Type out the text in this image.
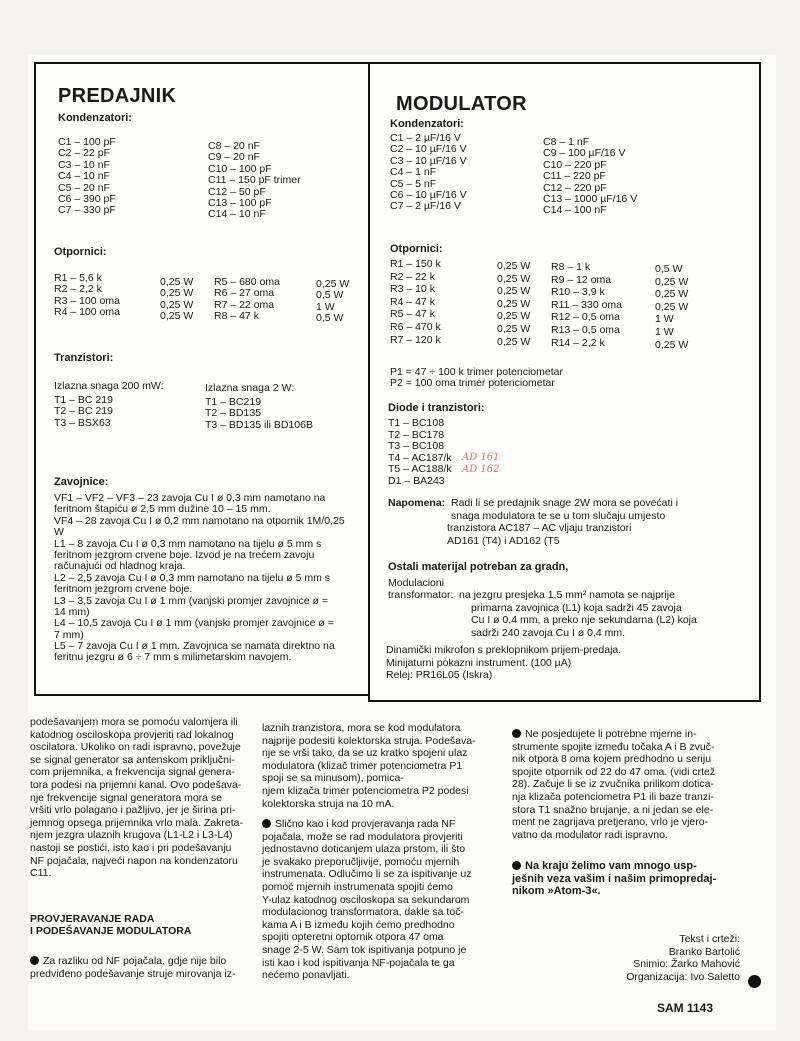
PREDAJNIK
Kondenzatori:
C1 – 100 pF
C2 – 22 pF
C3 – 10 nF
C4 – 10 nF
C5 – 20 nF
C6 – 390 pF
C7 – 330 pF
C8 – 20 nF
C9 – 20 nF
C10 – 100 pF
C11 – 150 pF trimer
C12 – 50 pF
C13 – 100 pF
C14 – 10 nF
Otpornici:
R1 – 5,6 k
R2 – 2,2 k
R3 – 100 oma
R4 – 100 oma
0,25 W
0,25 W
0,25 W
0,25 W
R5 – 680 oma
R6 – 27 oma
R7 – 22 oma
R8 – 47 k
0,25 W
0,5 W
1 W
0,5 W
Tranzistori:
Izlazna snaga 200 mW:
T1 – BC 219
T2 – BC 219
T3 – BSX63
Izlazna snaga 2 W:
T1 – BC219
T2 – BD135
T3 – BD135 ili BD106B
Zavojnice:
VF1 – VF2 – VF3 – 23 zavoja Cu I ø 0,3 mm namotano na
feritnom štapiću ø 2,5 mm dužine 10 – 15 mm.
VF4 – 28 zavoja Cu I ø 0,2 mm namotano na otpornik 1M/0,25
W
L1 – 8 zavoja Cu I ø 0,3 mm namotano na tijelu ø 5 mm s
feritnom jezgrom crvene boje. Izvod je na trećem zavoju
računajući od hladnog kraja.
L2 – 2,5 zavoja Cu I ø 0,3 mm namotano na tijelu ø 5 mm s
feritnom jezgrom crvene boje.
L3 – 3,5 zavoja Cu I ø 1 mm (vanjski promjer zavojnice ø =
14 mm)
L4 – 10,5 zavoja Cu I ø 1 mm (vanjski promjer zavojnice ø =
7 mm)
L5 – 7 zavoja Cu I ø 1 mm. Zavojnica se namata direktno na
feritnu jezgru ø 6 ÷ 7 mm s milimetarskim navojem.
MODULATOR
Kondenzatori:
C1 – 2 µF/16 V
C2 – 10 µF/16 V
C3 – 10 µF/16 V
C4 – 1 nF
C5 – 5 nF
C6 – 10 µF/16 V
C7 – 2 µF/16 V
C8 – 1 nF
C9 – 100 µF/16 V
C10 – 220 pF
C11 – 220 pF
C12 – 220 pF
C13 – 1000 µF/16 V
C14 – 100 nF
Otpornici:
R1 – 150 k
R2 – 22 k
R3 – 10 k
R4 – 47 k
R5 – 47 k
R6 – 470 k
R7 – 120 k
0,25 W
0,25 W
0,25 W
0,25 W
0,25 W
0,25 W
0,25 W
R8 – 1 k
R9 – 12 oma
R10 – 3,9 k
R11 – 330 oma
R12 – 0,5 oma
R13 – 0,5 oma
R14 – 2,2 k
0,5 W
0,25 W
0,25 W
0,25 W
1 W
1 W
0,25 W
P1 = 47 ÷ 100 k trimer potenciometar
P2 = 100 oma trimer potenciometar
Diode i tranzistori:
T1 – BC108
T2 – BC178
T3 – BC108
T4 – AC187/k
T5 – AC188/k
D1 – BA243
AD 161
AD 162
Napomena: Radi li se predajnik snage 2W mora se povećati i
snaga modulatora te se u tom slučaju umjesto
tranzistora AC187 – AC vljaju tranzistori
AD161 (T4) i AD162 (T5
Ostali materijal potreban za gradn,
Modulacioni
transformator: na jezgru presjeka 1,5 mm² namota se najprije
primarna zavojnica (L1) koja sadrži 45 zavoja
Cu I ø 0,4 mm, a preko nje sekundarna (L2) koja
sadrži 240 zavoja Cu I ø 0,4 mm.
Dinamički mikrofon s preklopnikom prijem-predaja.
Minijaturni pokazni instrument. (100 µA)
Relej: PR16L05 (Iskra)

podešavanjem mora se pomoću valomjera ili

katodnog osciloskopa provjeriti rad lokalnog

oscilatora. Ukoliko on radi ispravno, povežuje

se signal generator sa antenskom priključni-

com prijemnika, a frekvencija signal genera-

tora podesi na prijemni kanal. Ovo podešava-

nje frekvencije signal generatora mora se

vršiti vrlo polagano i pažljivo, jer je širina pri-

jemnog opsega prijemnika vrlo mala. Zakreta-

njem jezgra ulaznih krugova (L1-L2 i L3-L4)

nastoji se postići, isto kao i pri podešavanju

NF pojačala, najveći napon na kondenzatoru

C11.

PROVJERAVANJE RADA
I PODEŠAVANJE MODULATORA

Za razliku od NF pojačala, gdje nije bilo

predviđeno podešavanje struje mirovanja iz-

laznih tranzistora, mora se kod modulatora

najprije podesiti kolektorska struja. Podešava-

nje se vrši tako, da se uz kratko spojeni ulaz

modulatora (klizač trimer potenciometra P1

spoji se sa minusom), pomica-

njem klizača trimer potenciometra P2 podesi

kolektorska struja na 10 mA.

Slično kao i kod provjeravanja rada NF

pojačala, može se rad modulatora provjeriti

jednostavno doticanjem ulaza prstom, ili što

je svakako preporučljivije, pomoću mjernih

instrumenata. Odlučimo li se za ispitivanje uz

pomoć mjernih instrumenata spojiti ćemo

Y-ulaz katodnog osciloskopa sa sekundarom

modulacionog transformatora, dakle sa toč-

kama A i B između kojih ćemo predhodno

spojiti opteretni optornik otpora 47 oma

snage 2-5 W. Sam tok ispitivanja potpuno je

isti kao i kod ispitivanja NF-pojačala te ga

nećemo ponavljati.

Ne posjedujete li potrebne mjerne in-

strumente spojite između točaka A i B zvuč-

nik otpora 8 oma kojem predhodno u seriju

spojite otpornik od 22 do 47 oma. (vidi crtež

28). Začuje li se iz zvučnika prilikom dotica-

nja klizača potenciometra P1 ili baze tranzi-

stora T1 snažno brujanje, a ni jedan se ele-

ment ne zagrijava pretjerano, vrlo je vjero-

vatno da modulator radi ispravno.

Na kraju želimo vam mnogo usp-

ješnih veza vašim i našim primopredaj-

nikom »Atom-3«.

Tekst i crteži:

Branko Bartolić

Snimio: Žarko Mahović

Organizacija: Ivo Saletto

SAM 1143
